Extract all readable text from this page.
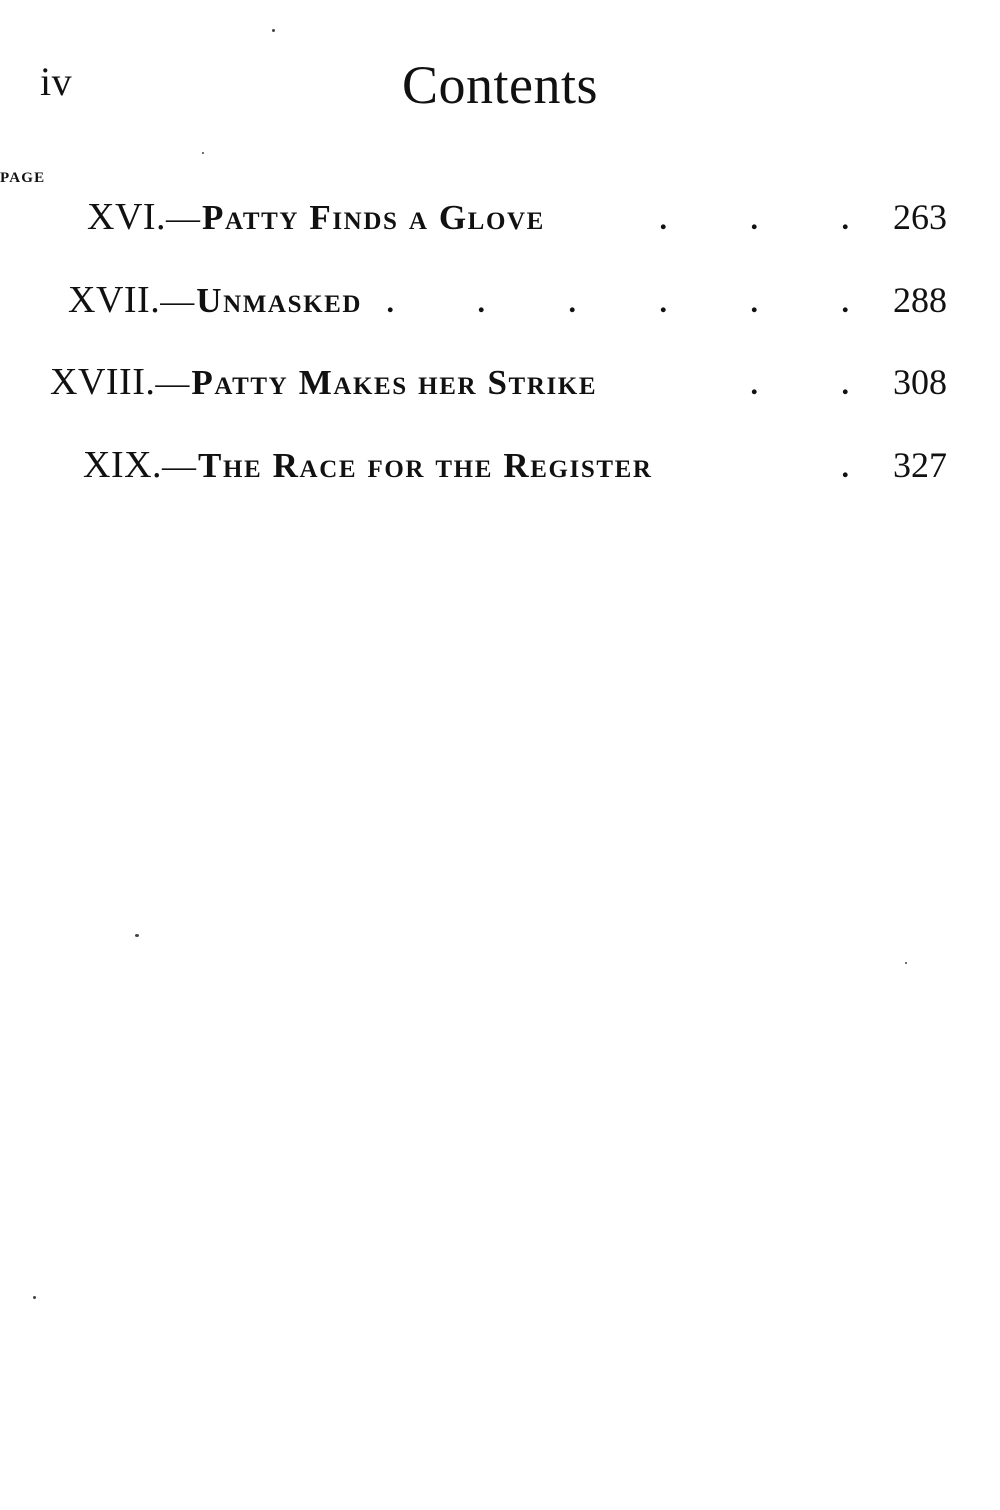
iv	Contents
PAGE
XVI. — Patty Finds a Glove	. . . 263
XVII. — Unmasked . . . . . . 288
XVIII. — Patty Makes her Strike	. . 308
XIX. — The Race for the Register	. 327
